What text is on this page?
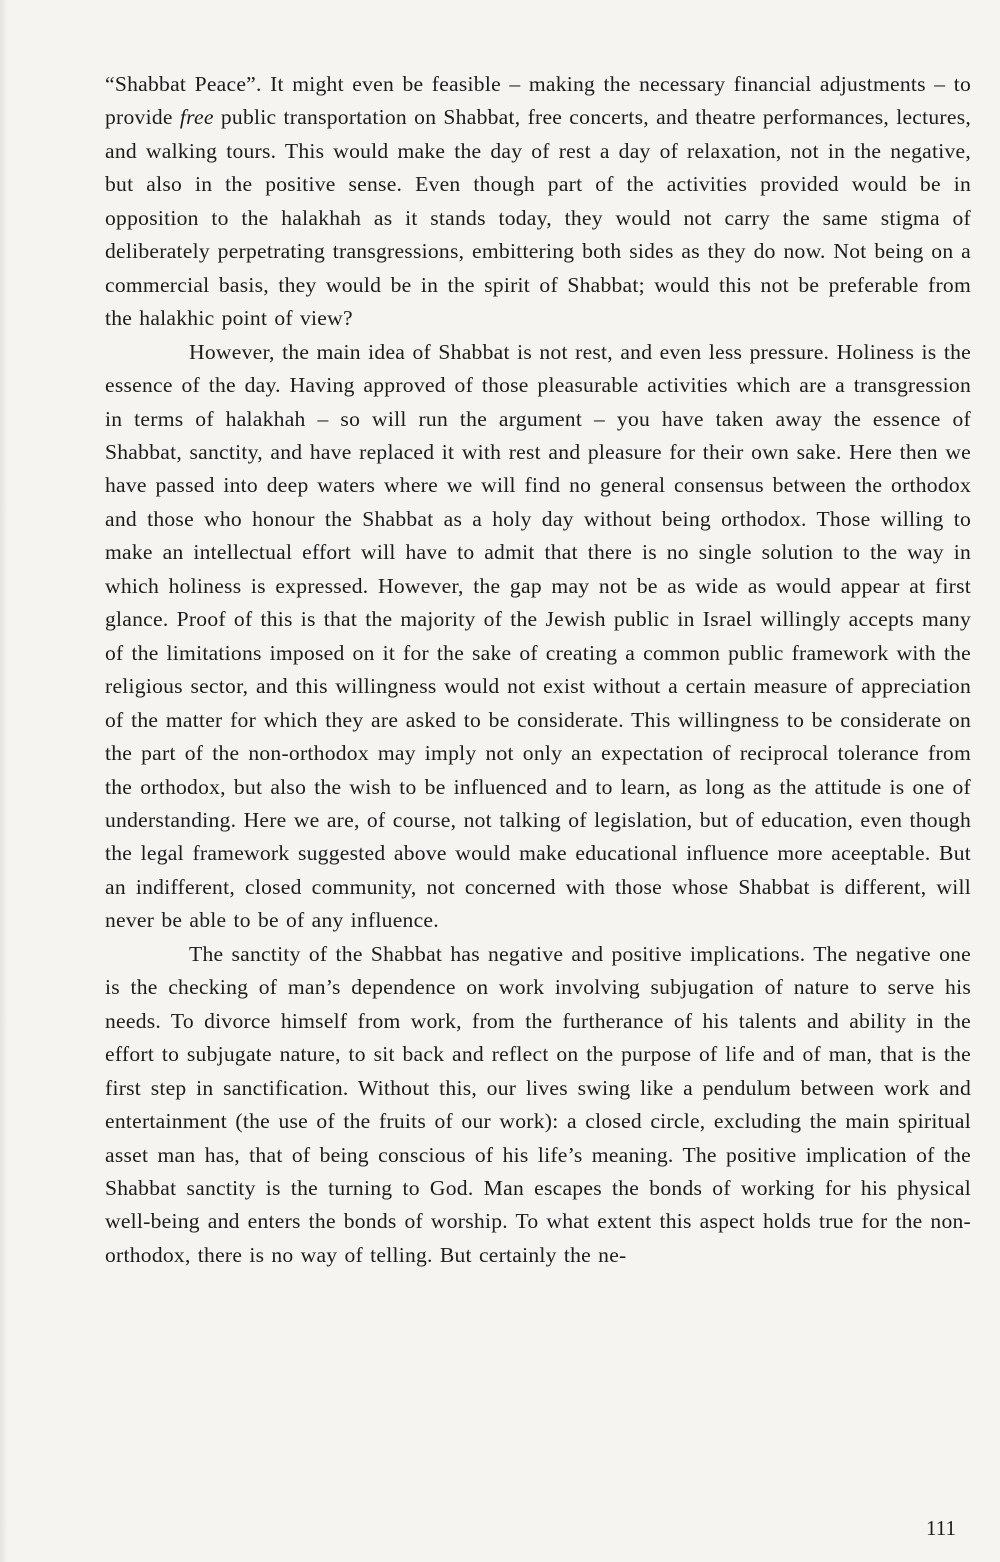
“Shabbat Peace”. It might even be feasible – making the necessary financial adjustments – to provide free public transportation on Shabbat, free concerts, and theatre performances, lectures, and walking tours. This would make the day of rest a day of relaxation, not in the negative, but also in the positive sense. Even though part of the activities provided would be in opposition to the halakhah as it stands today, they would not carry the same stigma of deliberately perpetrating transgressions, embittering both sides as they do now. Not being on a commercial basis, they would be in the spirit of Shabbat; would this not be preferable from the halakhic point of view?

However, the main idea of Shabbat is not rest, and even less pressure. Holiness is the essence of the day. Having approved of those pleasurable activities which are a transgression in terms of halakhah – so will run the argument – you have taken away the essence of Shabbat, sanctity, and have replaced it with rest and pleasure for their own sake. Here then we have passed into deep waters where we will find no general consensus between the orthodox and those who honour the Shabbat as a holy day without being orthodox. Those willing to make an intellectual effort will have to admit that there is no single solution to the way in which holiness is expressed. However, the gap may not be as wide as would appear at first glance. Proof of this is that the majority of the Jewish public in Israel willingly accepts many of the limitations imposed on it for the sake of creating a common public framework with the religious sector, and this willingness would not exist without a certain measure of appreciation of the matter for which they are asked to be considerate. This willingness to be considerate on the part of the non-orthodox may imply not only an expectation of reciprocal tolerance from the orthodox, but also the wish to be influenced and to learn, as long as the attitude is one of understanding. Here we are, of course, not talking of legislation, but of education, even though the legal framework suggested above would make educational influence more aceeptable. But an indifferent, closed community, not concerned with those whose Shabbat is different, will never be able to be of any influence.

The sanctity of the Shabbat has negative and positive implications. The negative one is the checking of man’s dependence on work involving subjugation of nature to serve his needs. To divorce himself from work, from the furtherance of his talents and ability in the effort to subjugate nature, to sit back and reflect on the purpose of life and of man, that is the first step in sanctification. Without this, our lives swing like a pendulum between work and entertainment (the use of the fruits of our work): a closed circle, excluding the main spiritual asset man has, that of being conscious of his life’s meaning. The positive implication of the Shabbat sanctity is the turning to God. Man escapes the bonds of working for his physical well-being and enters the bonds of worship. To what extent this aspect holds true for the non-orthodox, there is no way of telling. But certainly the ne-

111
